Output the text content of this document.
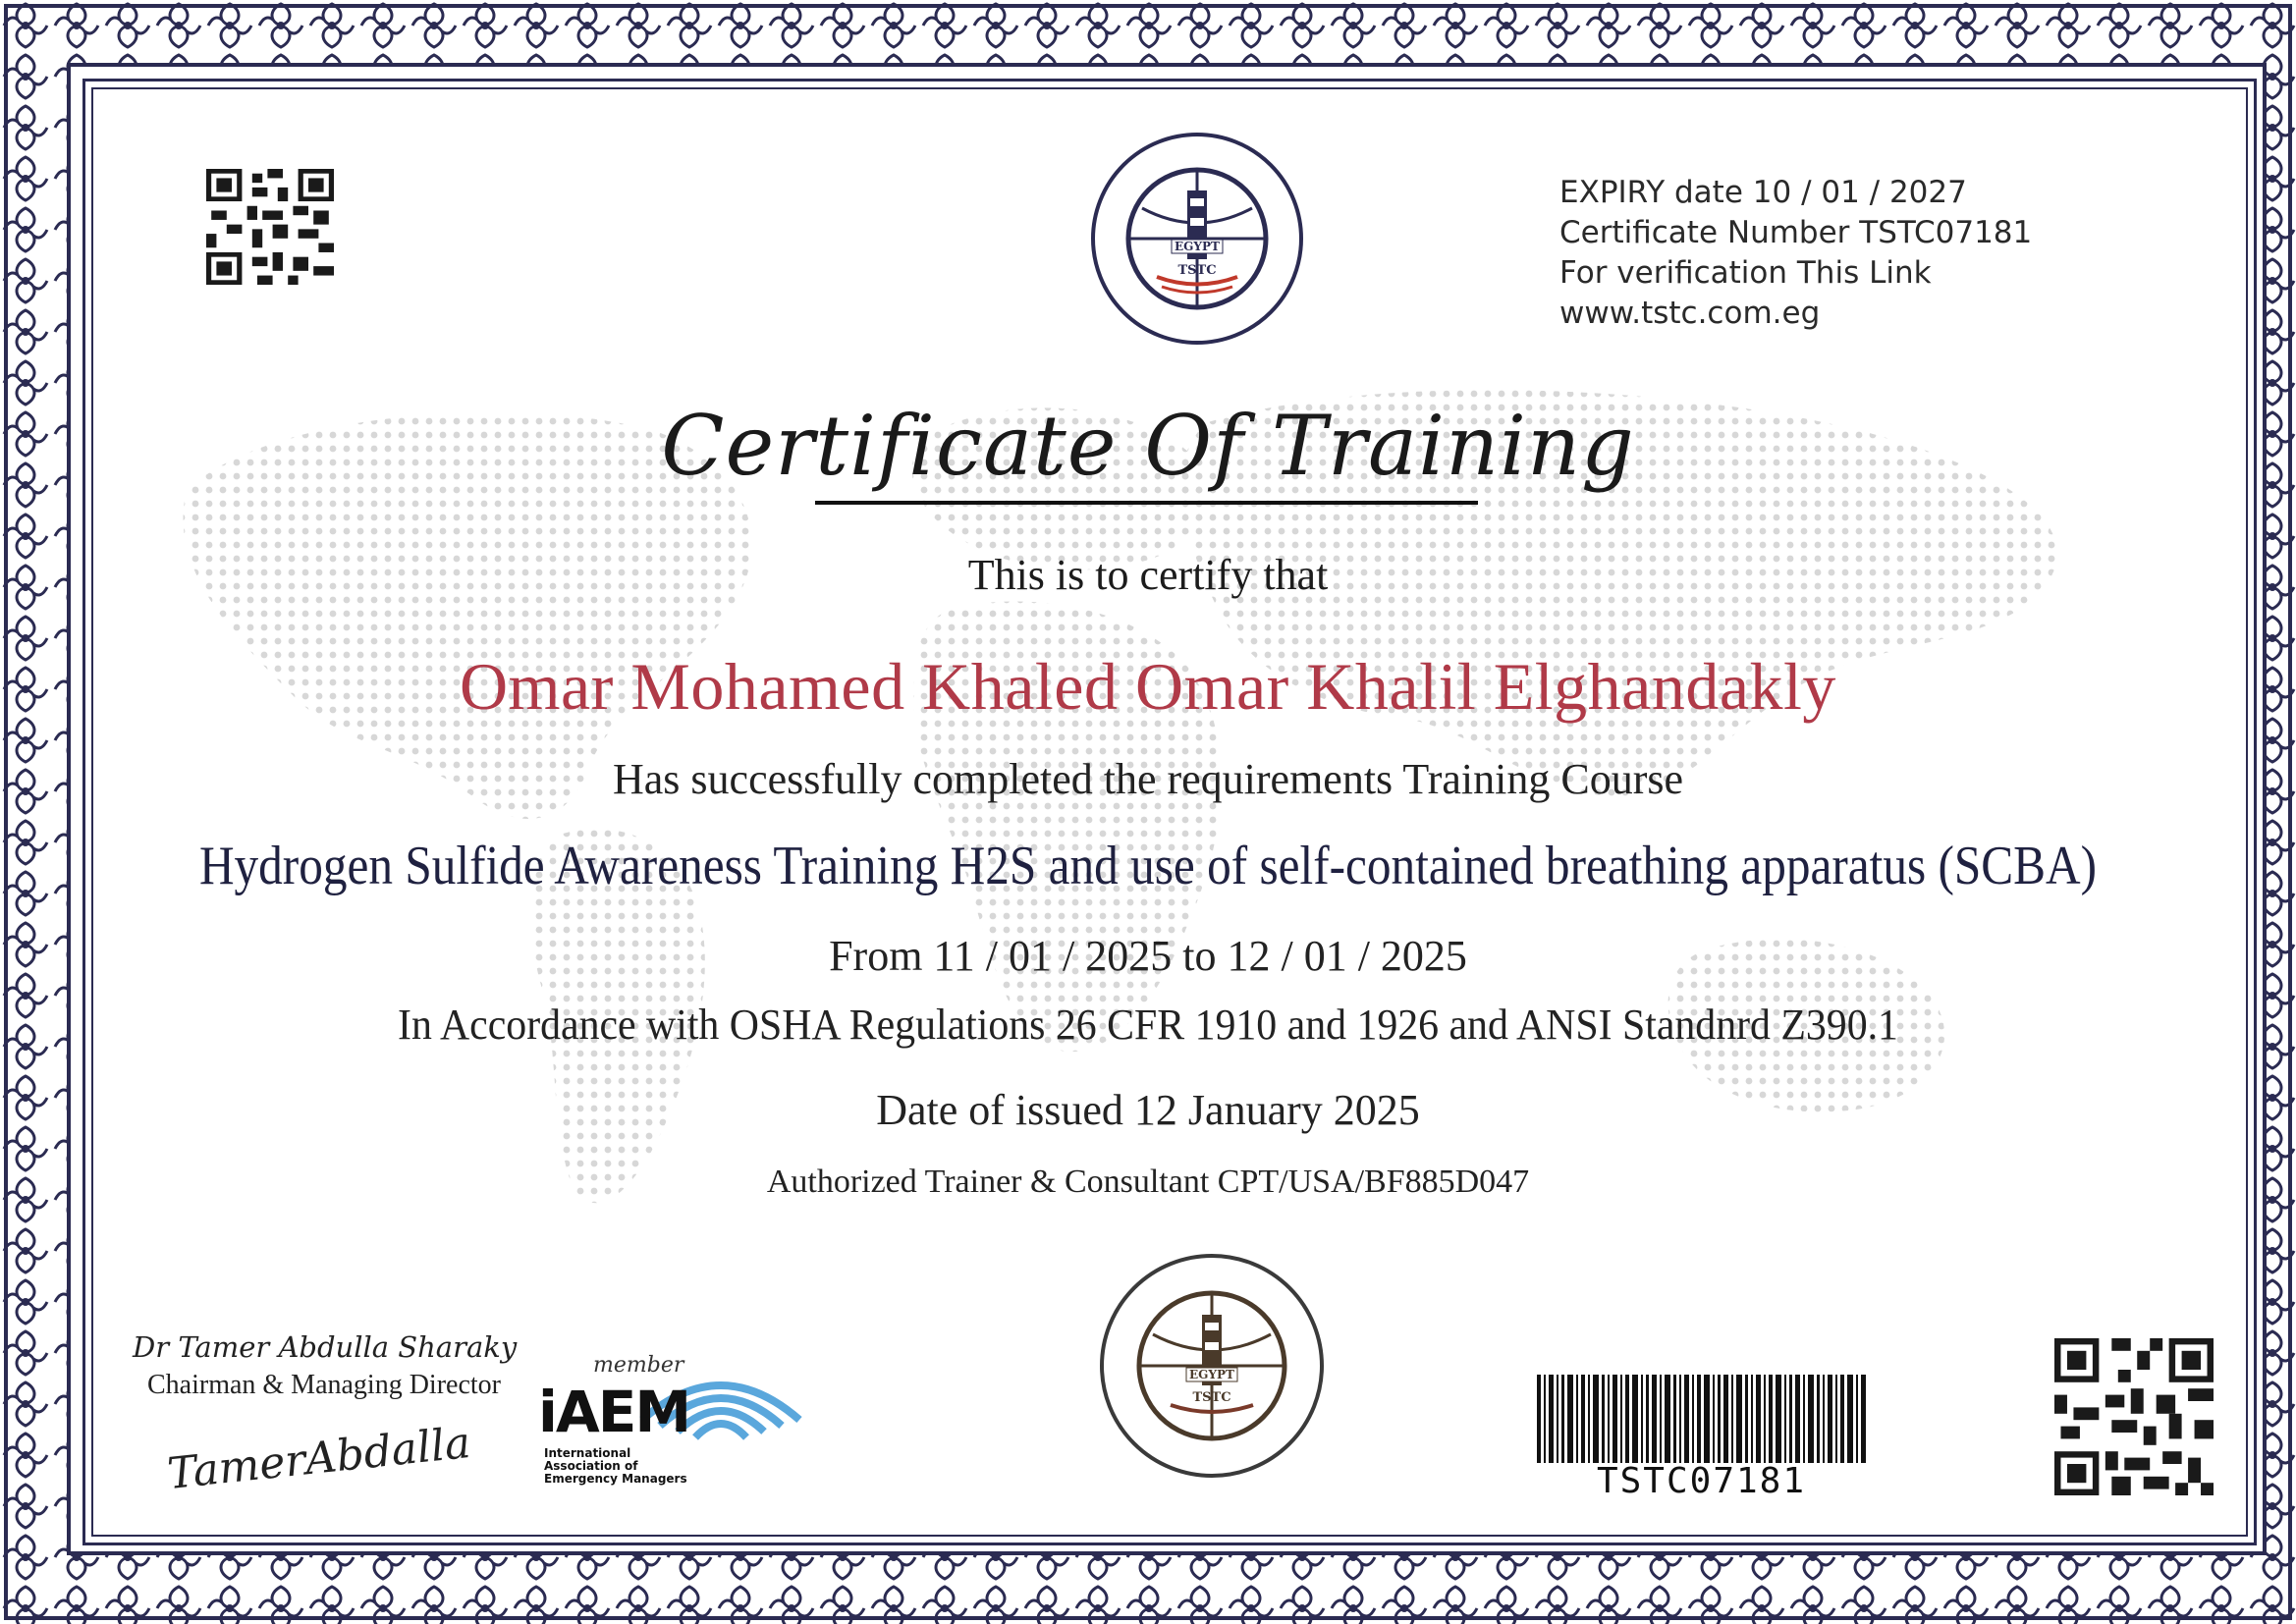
EGYPT
TSTC
EXPIRY date 10 / 01 / 2027
Certificate Number TSTC07181
For verification This Link
www.tstc.com.eg
Certificate Of Training
This is to certify that
Omar Mohamed Khaled Omar Khalil Elghandakly
Has successfully completed the requirements Training Course
Hydrogen Sulfide Awareness Training H2S and use of self-contained breathing apparatus (SCBA)
From 11 / 01 / 2025 to 12 / 01 / 2025
In Accordance with OSHA Regulations 26 CFR 1910 and 1926 and ANSI Standnrd Z390.1
Date of issued 12 January 2025
Authorized Trainer & Consultant CPT/USA/BF885D047
Dr Tamer Abdulla Sharaky
Chairman & Managing Director
TamerAbdalla
member
iAEM
International
Association of
Emergency Managers
EGYPT
TSTC
TSTC07181
